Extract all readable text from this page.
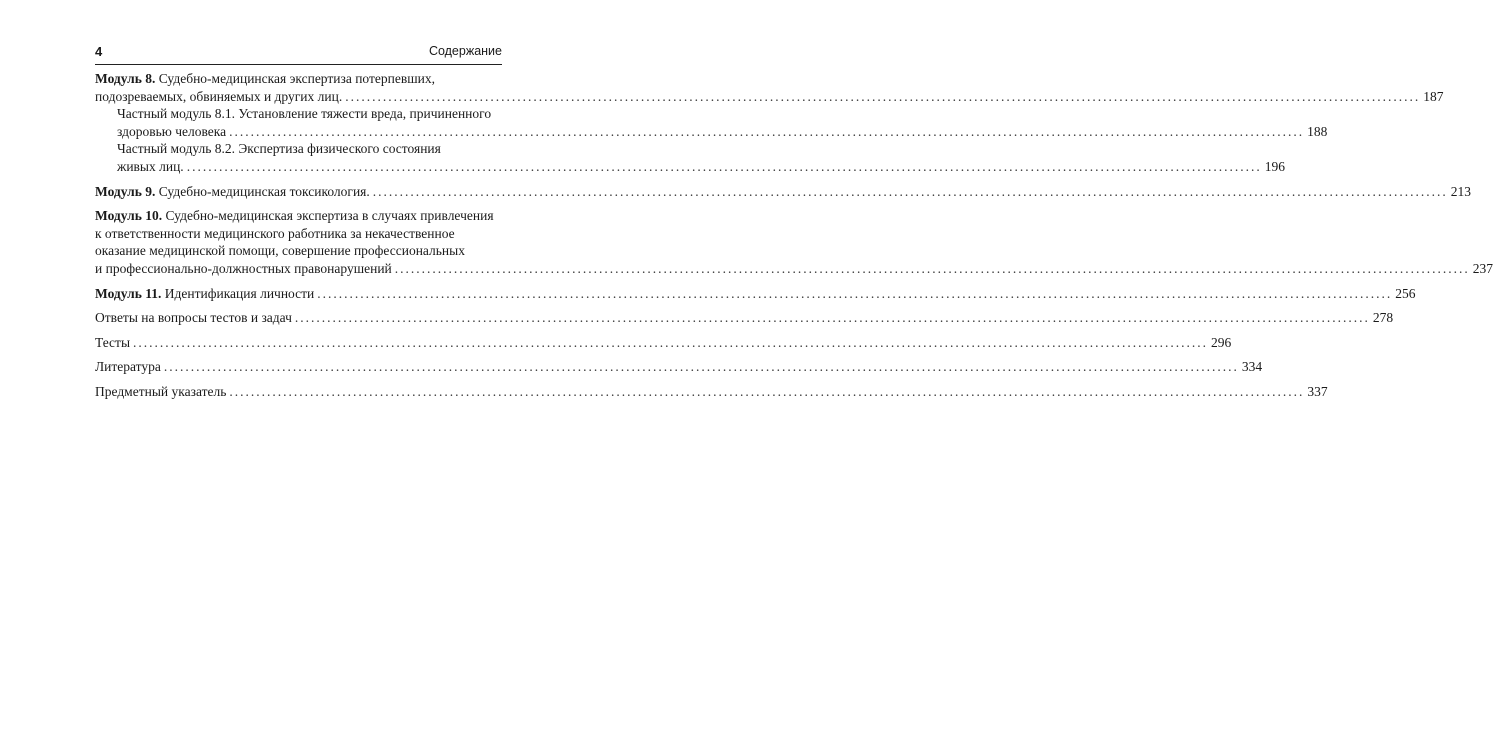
4	Содержание
Модуль 8. Судебно-медицинская экспертиза потерпевших,
подозреваемых, обвиняемых и других лиц. ........................................................................................................................................................................................................ 187
Частный модуль 8.1. Установление тяжести вреда, причиненного
здоровью человека ........................................................................................................................................................................................................ 188
Частный модуль 8.2. Экспертиза физического состояния
живых лиц. ........................................................................................................................................................................................................ 196
Модуль 9. Судебно-медицинская токсикология. ........................................................................................................................................................................................................ 213
Модуль 10. Судебно-медицинская экспертиза в случаях привлечения
к ответственности медицинского работника за некачественное
оказание медицинской помощи, совершение профессиональных
и профессионально-должностных правонарушений ........................................................................................................................................................................................................ 237
Модуль 11. Идентификация личности ........................................................................................................................................................................................................ 256
Ответы на вопросы тестов и задач ........................................................................................................................................................................................................ 278
Тесты ........................................................................................................................................................................................................ 296
Литература ........................................................................................................................................................................................................ 334
Предметный указатель ........................................................................................................................................................................................................ 337
